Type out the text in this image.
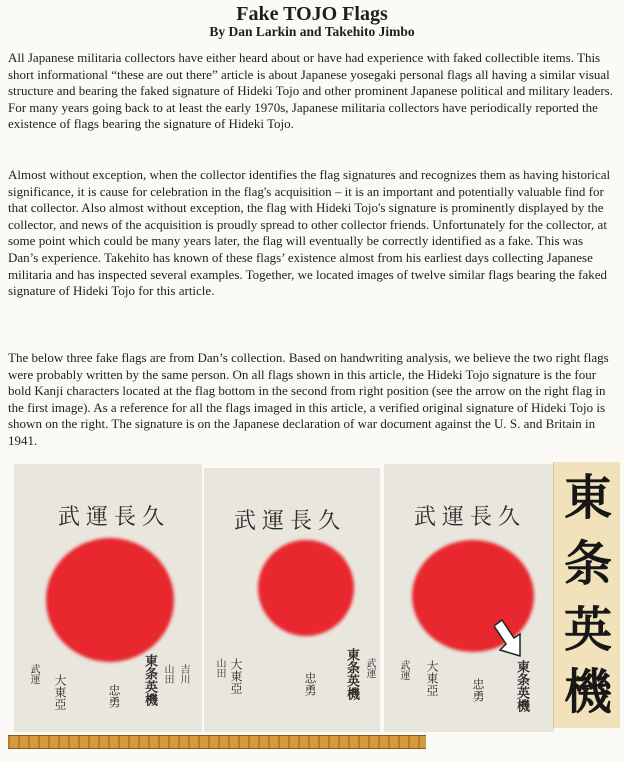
Fake TOJO Flags
By Dan Larkin and Takehito Jimbo

All Japanese militaria collectors have either heard about or have had experience with faked collectible items. This short informational “these are out there” article is about Japanese yosegaki personal flags all having a similar visual structure and bearing the faked signature of Hideki Tojo and other prominent Japanese political and military leaders. For many years going back to at least the early 1970s, Japanese militaria collectors have periodically reported the existence of flags bearing the signature of Hideki Tojo.

Almost without exception, when the collector identifies the flag signatures and recognizes them as having historical significance, it is cause for celebration in the flag's acquisition – it is an important and potentially valuable find for that collector. Also almost without exception, the flag with Hideki Tojo's signature is prominently displayed by the collector, and news of the acquisition is proudly spread to other collector friends. Unfortunately for the collector, at some point which could be many years later, the flag will eventually be correctly identified as a fake. This was Dan’s experience. Takehito has known of these flags’ existence almost from his earliest days collecting Japanese militaria and has inspected several examples. Together, we located images of twelve similar flags bearing the faked signature of Hideki Tojo for this article.

The below three fake flags are from Dan’s collection. Based on handwriting analysis, we believe the two right flags were probably written by the same person. On all flags shown in this article, the Hideki Tojo signature is the four bold Kanji characters located at the flag bottom in the second from right position (see the arrow on the right flag in the first image). As a reference for all the flags imaged in this article, a verified original signature of Hideki Tojo is shown on the right. The signature is on the Japanese declaration of war document against the U. S. and Britain in 1941.

武運長久
東条英機
忠勇
大東亞	山田 吉川
武運
武運長久
東条英機
忠勇
大東亞
山田	武運
武運長久
東条英機
忠勇
大東亞
武運
東
条
英
機
